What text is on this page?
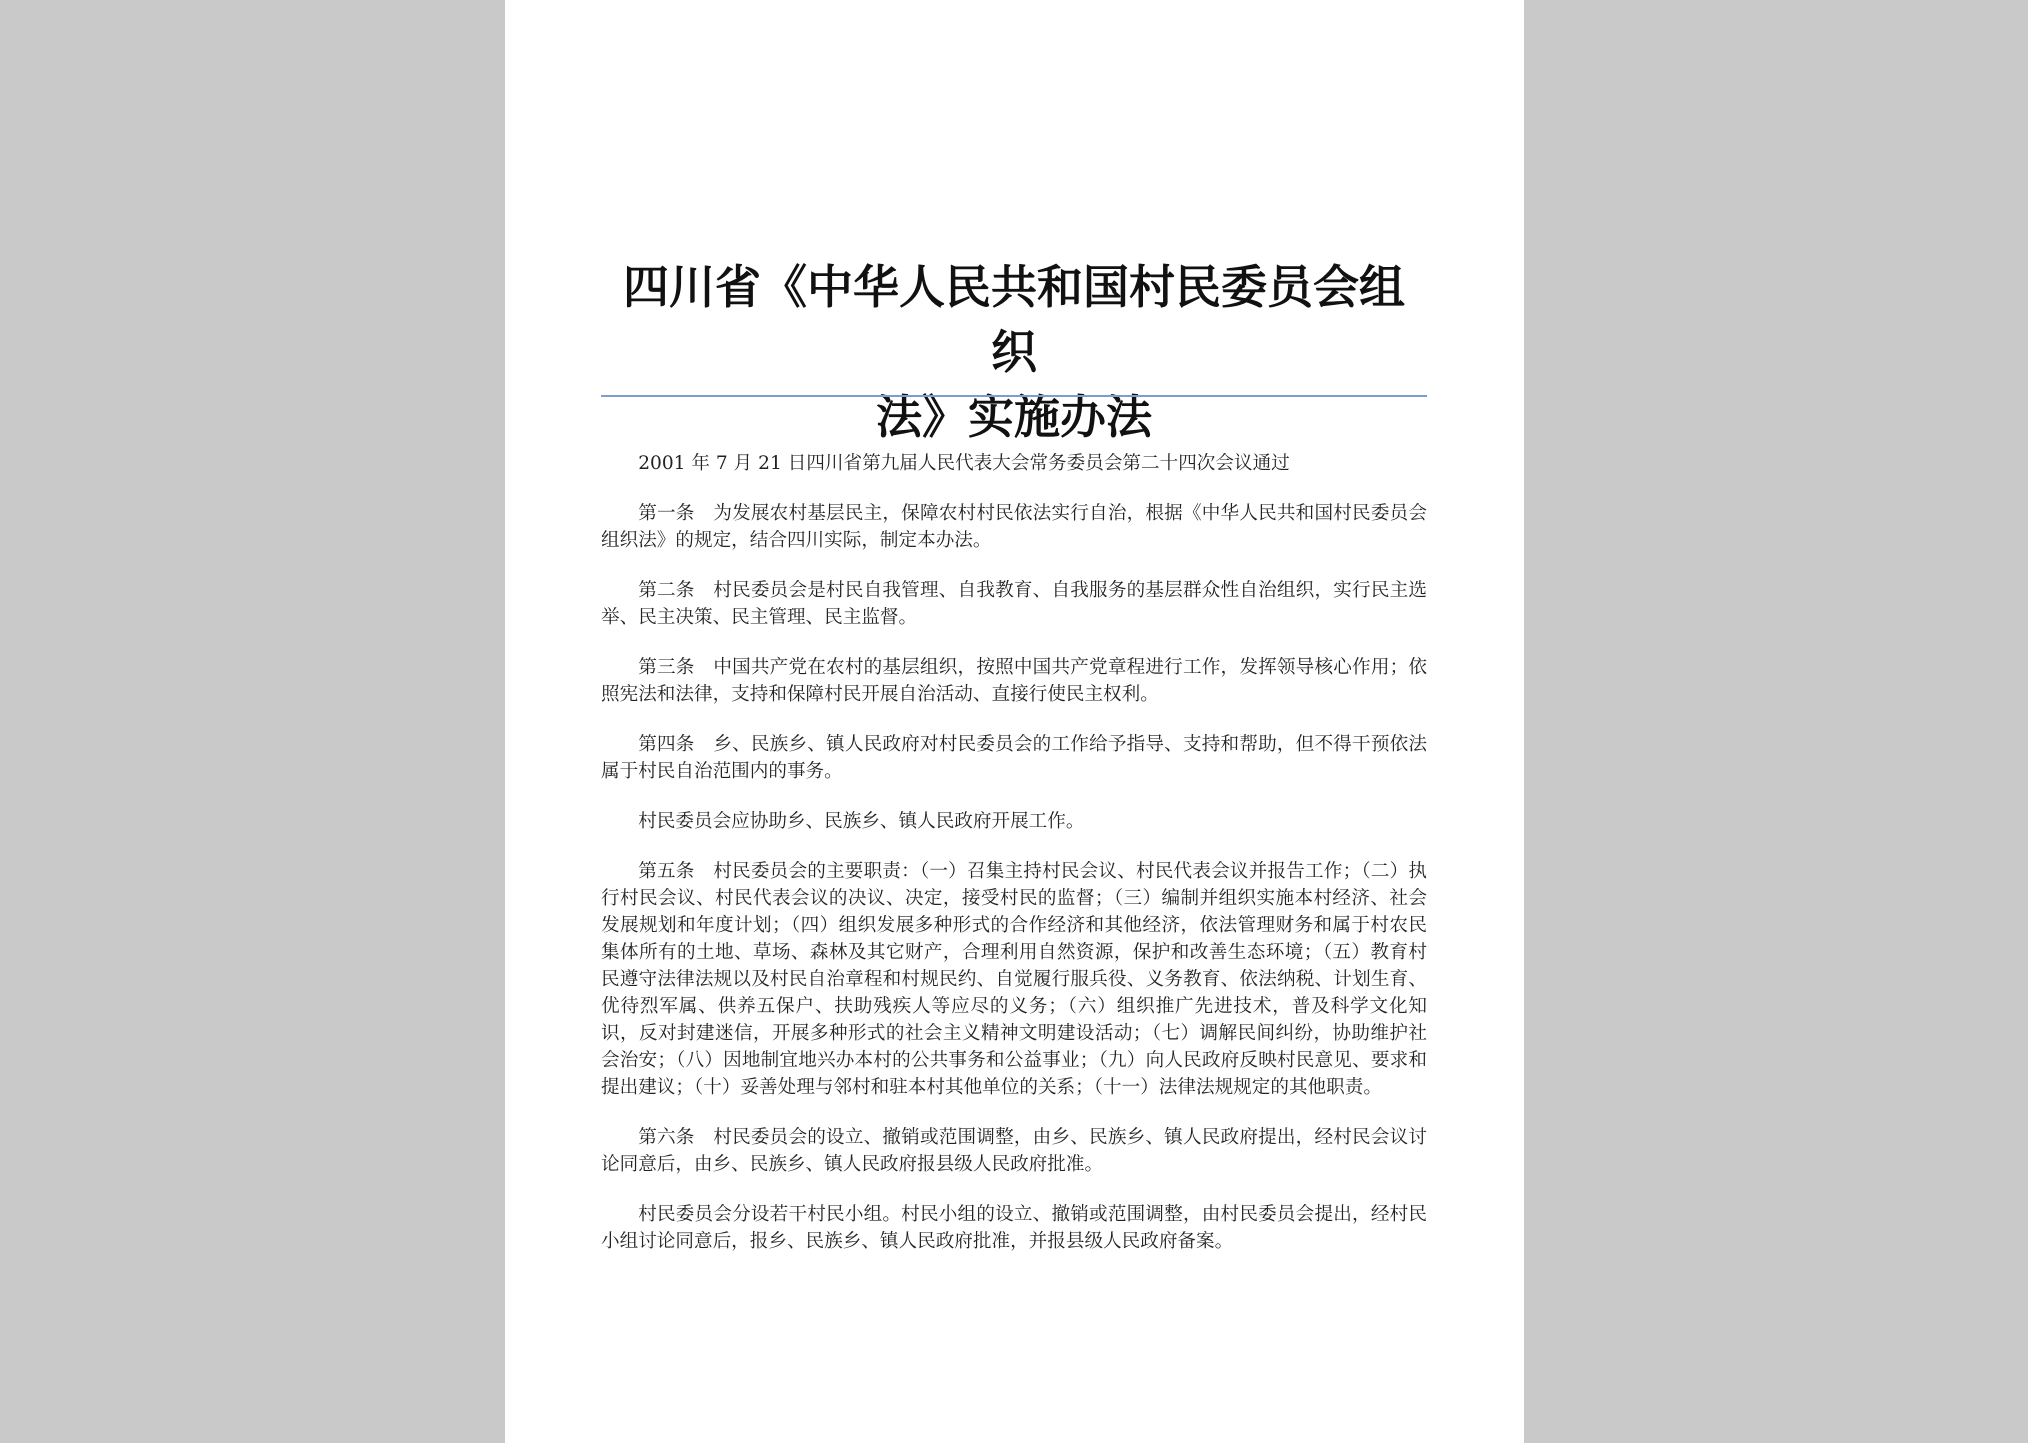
四川省《中华人民共和国村民委员会组织
法》实施办法

2001 年 7 月 21 日四川省第九届人民代表大会常务委员会第二十四次会议通过

第一条　为发展农村基层民主，保障农村村民依法实行自治，根据《中华人民共和国村民委员会组织法》的规定，结合四川实际，制定本办法。

第二条　村民委员会是村民自我管理、自我教育、自我服务的基层群众性自治组织，实行民主选举、民主决策、民主管理、民主监督。

第三条　中国共产党在农村的基层组织，按照中国共产党章程进行工作，发挥领导核心作用；依照宪法和法律，支持和保障村民开展自治活动、直接行使民主权利。

第四条　乡、民族乡、镇人民政府对村民委员会的工作给予指导、支持和帮助，但不得干预依法属于村民自治范围内的事务。

村民委员会应协助乡、民族乡、镇人民政府开展工作。

第五条　村民委员会的主要职责：（一）召集主持村民会议、村民代表会议并报告工作；（二）执行村民会议、村民代表会议的决议、决定，接受村民的监督；（三）编制并组织实施本村经济、社会发展规划和年度计划；（四）组织发展多种形式的合作经济和其他经济，依法管理财务和属于村农民集体所有的土地、草场、森林及其它财产，合理利用自然资源，保护和改善生态环境；（五）教育村民遵守法律法规以及村民自治章程和村规民约、自觉履行服兵役、义务教育、依法纳税、计划生育、优待烈军属、供养五保户、扶助残疾人等应尽的义务；（六）组织推广先进技术，普及科学文化知识，反对封建迷信，开展多种形式的社会主义精神文明建设活动；（七）调解民间纠纷，协助维护社会治安；（八）因地制宜地兴办本村的公共事务和公益事业；（九）向人民政府反映村民意见、要求和提出建议；（十）妥善处理与邻村和驻本村其他单位的关系；（十一）法律法规规定的其他职责。

第六条　村民委员会的设立、撤销或范围调整，由乡、民族乡、镇人民政府提出，经村民会议讨论同意后，由乡、民族乡、镇人民政府报县级人民政府批准。

村民委员会分设若干村民小组。村民小组的设立、撤销或范围调整，由村民委员会提出，经村民小组讨论同意后，报乡、民族乡、镇人民政府批准，并报县级人民政府备案。
